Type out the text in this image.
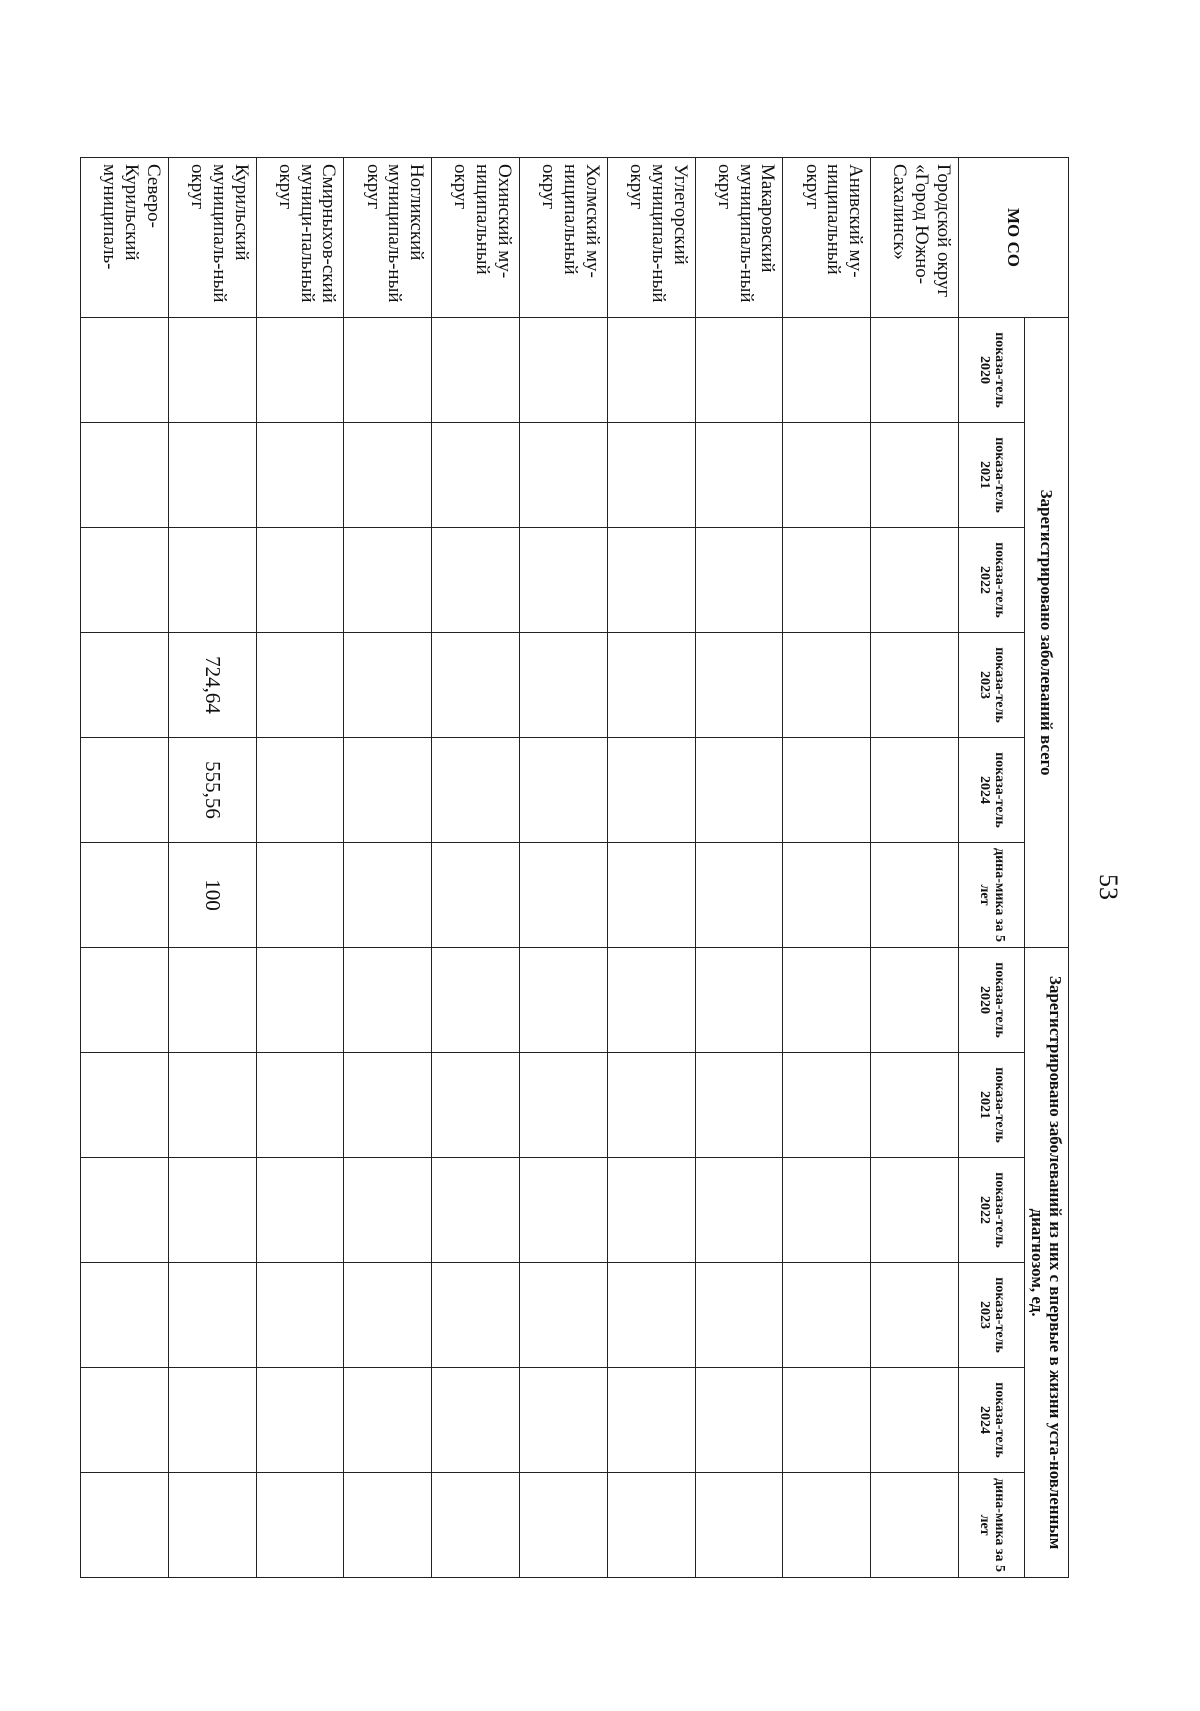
53
МО СО	Зарегистрировано заболеваний всего						Зарегистрировано заболеваний из них с впервые в жизни уста-новленным диагнозом, ед.					
	показа-тель 2020	показа-тель 2021	показа-тель 2022	показа-тель 2023	показа-тель 2024	дина-мика за 5 лет	показа-тель 2020	показа-тель 2021	показа-тель 2022	показа-тель 2023	показа-тель 2024	дина-мика за 5 лет
Городской округ «Город Южно-Сахалинск»												
Анивский му-ниципальный округ												
Макаровский муниципаль-ный округ												
Углегорский муниципаль-ный округ												
Холмский му-ниципальный округ												
Охинский му-ниципальный округ												
Ногликский муниципаль-ный округ												
Смирныхов-ский муници-пальный округ												
Курильский муниципаль-ный округ				724,64	555,56	100						
Северо-Курильский муниципаль-												
